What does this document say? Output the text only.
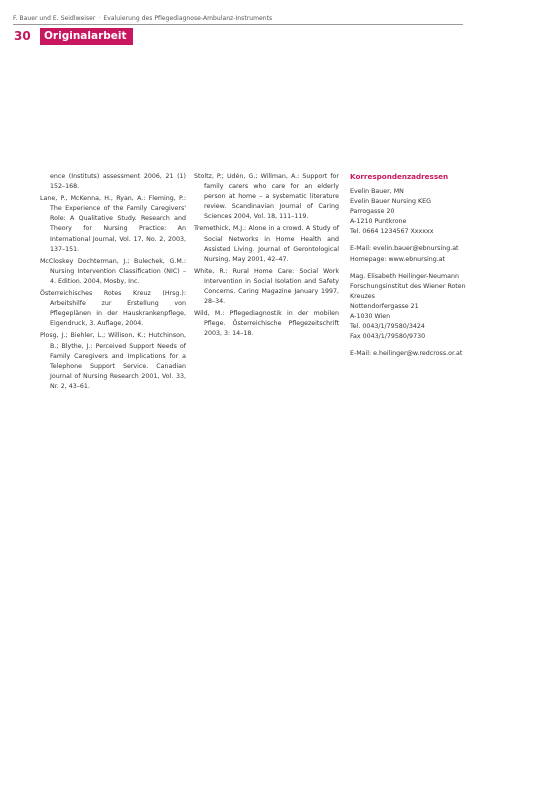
F. Bauer und E. Seidlweiser · Evaluierung des Pflegediagnose-Ambulanz-Instruments
30	Originalarbeit

ence (Instituts) assessment 2006, 21 (1) 152–168.

Lane, P., McKenna, H., Ryan, A.: Fleming, P.: The Experience of the Family Caregivers' Role: A Qualitative Study. Research and Theory for Nursing Practice: An International Journal, Vol. 17, No. 2, 2003, 137–151.

McCloskey Dochterman, J.; Bulechek, G.M.: Nursing Intervention Classification (NIC) – 4. Edition. 2004, Mosby, Inc.

Österreichisches Rotes Kreuz (Hrsg.): Arbeitshilfe zur Erstellung von Pflegeplänen in der Hauskrankenpflege, Eigendruck, 3. Auflage, 2004.

Plosg, J.; Biehler, L.; Willison, K.; Hutchinson, B.; Blythe, J.: Perceived Support Needs of Family Caregivers and Implications for a Telephone Support Service. Canadian Journal of Nursing Research 2001, Vol. 33, Nr. 2, 43–61.

Stoltz, P.; Udén, G.; Willman, A.: Support for family carers who care for an elderly person at home – a systematic literature review. Scandinavian Journal of Caring Sciences 2004, Vol. 18, 111–119.

Tremethick, M.J.: Alone in a crowd. A Study of Social Networks in Home Health and Assisted Living. Journal of Gerontological Nursing, May 2001, 42–47.

White, R.: Rural Home Care: Social Work Intervention in Social Isolation and Safety Concerns. Caring Magazine January 1997, 28–34.

Wild, M.: Pflegediagnostik in der mobilen Pflege. Österreichische Pflegezeitschrift 2003, 3: 14–18.

Korrespondenzadressen
Evelin Bauer, MN
Evelin Bauer Nursing KEG
Parrogasse 20
A-1210 Puntkrone
Tel. 0664 1234567 Xxxxxx
E-Mail: evelin.bauer@ebnursing.at
Homepage: www.ebnursing.at
Mag. Elisabeth Heilinger-Neumann
Forschungsinstitut des Wiener Roten
Kreuzes
Nottendorfergasse 21
A-1030 Wien
Tel. 0043/1/79580/3424
Fax 0043/1/79580/9730
E-Mail: e.heilinger@w.redcross.or.at
